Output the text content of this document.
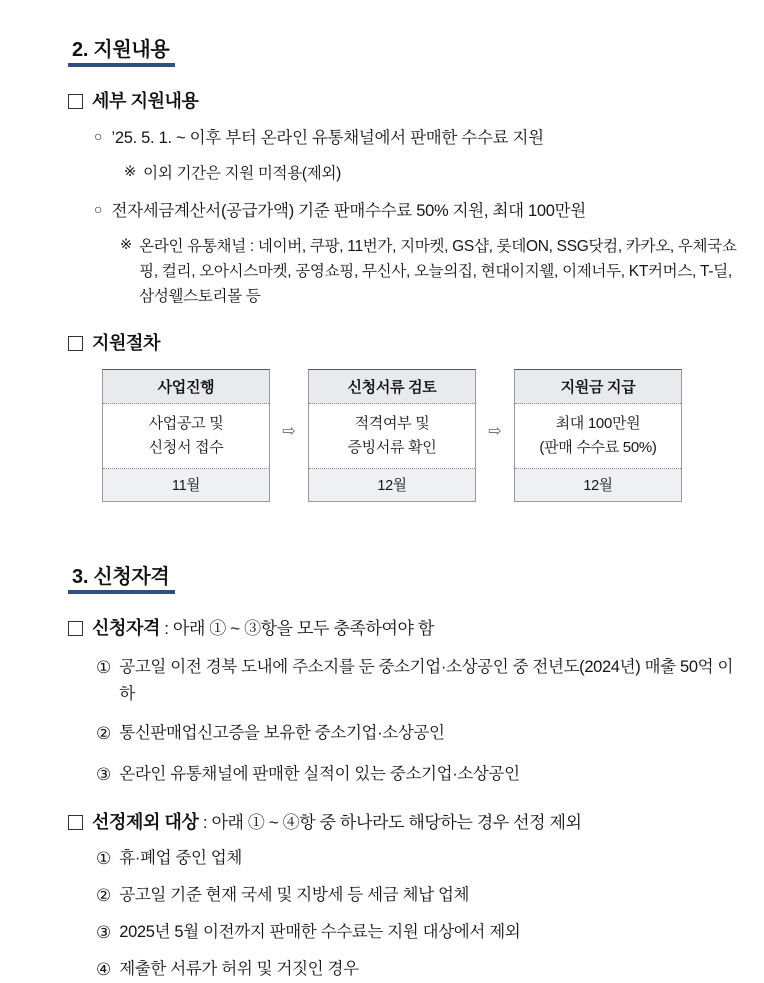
2. 지원내용
세부 지원내용
○ ’25. 5. 1. ~ 이후 부터 온라인 유통채널에서 판매한 수수료 지원
※ 이외 기간은 지원 미적용(제외)
○ 전자세금계산서(공급가액) 기준 판매수수료 50% 지원, 최대 100만원
※ 온라인 유통채널 : 네이버, 쿠팡, 11번가, 지마켓, GS샵, 롯데ON, SSG닷컴, 카카오, 우체국쇼핑, 컬리, 오아시스마켓, 공영쇼핑, 무신사, 오늘의집, 현대이지웰, 이제너두, KT커머스, T-딜, 삼성웰스토리몰 등
지원절차
사업진행
사업공고 및
신청서 접수
11월
⇨
신청서류 검토
적격여부 및
증빙서류 확인
12월
⇨
지원금 지급
최대 100만원
(판매 수수료 50%)
12월
3. 신청자격
신청자격 : 아래 ① ~ ③항을 모두 충족하여야 함
① 공고일 이전 경북 도내에 주소지를 둔 중소기업·소상공인 중 전년도(2024년) 매출 50억 이하
② 통신판매업신고증을 보유한 중소기업·소상공인
③ 온라인 유통채널에 판매한 실적이 있는 중소기업·소상공인
선정제외 대상 : 아래 ① ~ ④항 중 하나라도 해당하는 경우 선정 제외
① 휴·폐업 중인 업체
② 공고일 기준 현재 국세 및 지방세 등 세금 체납 업체
③ 2025년 5월 이전까지 판매한 수수료는 지원 대상에서 제외
④ 제출한 서류가 허위 및 거짓인 경우
